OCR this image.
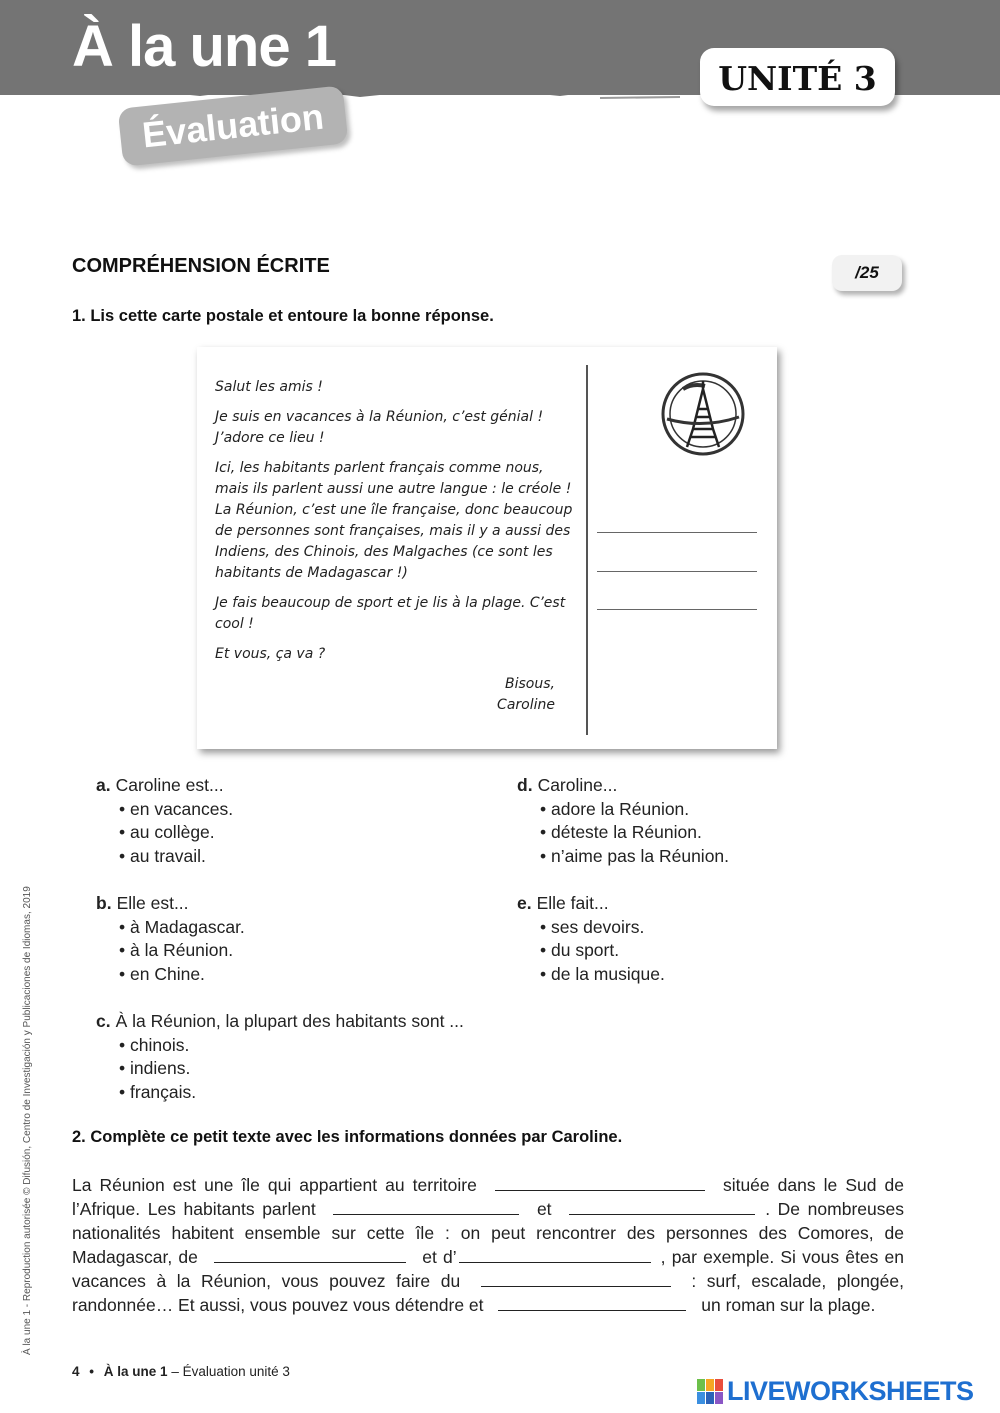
À la une 1
Évaluation
UNITÉ 3
COMPRÉHENSION ÉCRITE	/25
1. Lis cette carte postale et entoure la bonne réponse.

Salut les amis !

Je suis en vacances à la Réunion, c’est génial !
J’adore ce lieu !

Ici, les habitants parlent français comme nous,
mais ils parlent aussi une autre langue : le créole !
La Réunion, c’est une île française, donc beaucoup
de personnes sont françaises, mais il y a aussi des
Indiens, des Chinois, des Malgaches (ce sont les
habitants de Madagascar !)

Je fais beaucoup de sport et je lis à la plage. C’est
cool !

Et vous, ça va ?

Bisous,
Caroline
a. Caroline est...
• en vacances.
• au collège.
• au travail.
b. Elle est...
• à Madagascar.
• à la Réunion.
• en Chine.
c. À la Réunion, la plupart des habitants sont ...
• chinois.
• indiens.
• français.
d. Caroline...
• adore la Réunion.
• déteste la Réunion.
• n’aime pas la Réunion.
e. Elle fait...
• ses devoirs.
• du sport.
• de la musique.
2. Complète ce petit texte avec les informations données par Caroline.
La Réunion est une île qui appartient au territoire	située dans le Sud de l’Afrique. Les habitants parlent	et	. De nombreuses nationalités habitent ensemble sur cette île : on peut rencontrer des personnes des Comores, de Madagascar, de	et d’	, par exemple. Si vous êtes en vacances à la Réunion, vous pouvez faire du	: surf, escalade, plongée, randonnée… Et aussi, vous pouvez vous détendre et	un roman sur la plage.
À la une 1 - Reproduction autorisée © Difusión, Centro de Investigación y Publicaciones de Idiomas, 2019
4 • À la une 1 – Évaluation unité 3
LIVEWORKSHEETS
